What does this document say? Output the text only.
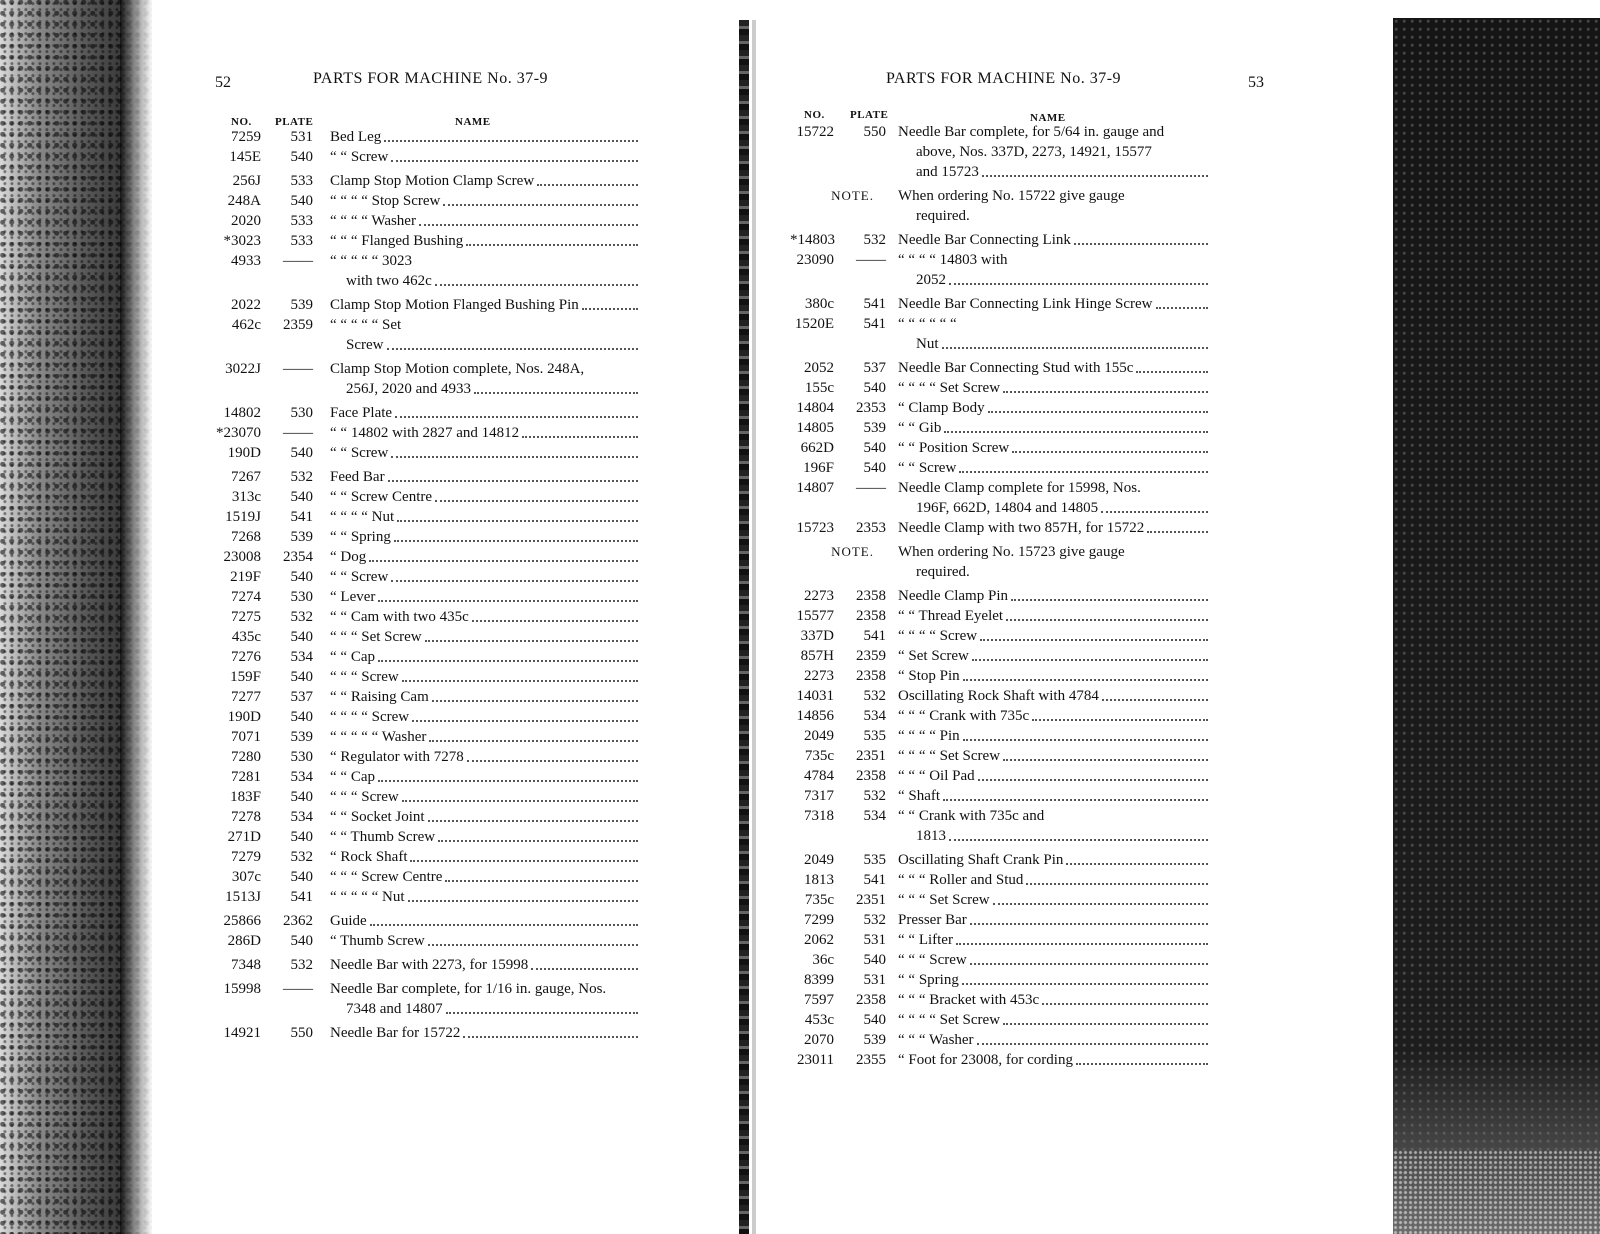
52	PARTS FOR MACHINE No. 37-9
NO. PLATE	NAME
7259	531 Bed Leg
145E	540 “ “ Screw
256J	533 Clamp Stop Motion Clamp Screw
248A	540 “ “ “ “ Stop Screw
2020	533 “ “ “ “ Washer
*3023	533 “ “ “ Flanged Bushing
4933	—— “ “ “ “ “ 3023
with two 462c
2022	539 Clamp Stop Motion Flanged Bushing Pin
462c	2359 “ “ “ “ “ Set
Screw
3022J	—— Clamp Stop Motion complete, Nos. 248A,
256J, 2020 and 4933
14802	530 Face Plate
*23070	—— “ “ 14802 with 2827 and 14812
190D	540 “ “ Screw
7267	532 Feed Bar
313c	540 “ “ Screw Centre
1519J	541 “ “ “ “ Nut
7268	539 “ “ Spring
23008	2354 “ Dog
219F	540 “ “ Screw
7274	530 “ Lever
7275	532 “ “ Cam with two 435c
435c	540 “ “ “ Set Screw
7276	534 “ “ Cap
159F	540 “ “ “ Screw
7277	537 “ “ Raising Cam
190D	540 “ “ “ “ Screw
7071	539 “ “ “ “ “ Washer
7280	530 “ Regulator with 7278
7281	534 “ “ Cap
183F	540 “ “ “ Screw
7278	534 “ “ Socket Joint
271D	540 “ “ Thumb Screw
7279	532 “ Rock Shaft
307c	540 “ “ “ Screw Centre
1513J	541 “ “ “ “ “ Nut
25866	2362 Guide
286D	540 “ Thumb Screw
7348	532 Needle Bar with 2273, for 15998
15998	—— Needle Bar complete, for 1/16 in. gauge, Nos.
7348 and 14807
14921	550 Needle Bar for 15722
PARTS FOR MACHINE No. 37-9	53
NO. PLATE	NAME
15722	550 Needle Bar complete, for 5/64 in. gauge and
above, Nos. 337D, 2273, 14921, 15577
and 15723
NOTE. When ordering No. 15722 give gauge
required.
*14803	532 Needle Bar Connecting Link
23090	—— “ “ “ “ 14803 with
2052
380c	541 Needle Bar Connecting Link Hinge Screw
1520E	541 “ “ “ “ “ “
Nut
2052	537 Needle Bar Connecting Stud with 155c
155c	540 “ “ “ “ Set Screw
14804	2353 “ Clamp Body
14805	539 “ “ Gib
662D	540 “ “ Position Screw
196F	540 “ “ Screw
14807	—— Needle Clamp complete for 15998, Nos.
196F, 662D, 14804 and 14805
15723	2353 Needle Clamp with two 857H, for 15722
NOTE. When ordering No. 15723 give gauge
required.
2273	2358 Needle Clamp Pin
15577	2358 “ “ Thread Eyelet
337D	541 “ “ “ “ Screw
857H	2359 “ Set Screw
2273	2358 “ Stop Pin
14031	532 Oscillating Rock Shaft with 4784
14856	534 “ “ “ Crank with 735c
2049	535 “ “ “ “ Pin
735c	2351 “ “ “ “ Set Screw
4784	2358 “ “ “ Oil Pad
7317	532 “ Shaft
7318	534 “ “ Crank with 735c and
1813
2049	535 Oscillating Shaft Crank Pin
1813	541 “ “ “ Roller and Stud
735c	2351 “ “ “ Set Screw
7299	532 Presser Bar
2062	531 “ “ Lifter
36c	540 “ “ “ Screw
8399	531 “ “ Spring
7597	2358 “ “ “ Bracket with 453c
453c	540 “ “ “ “ Set Screw
2070	539 “ “ “ Washer
23011	2355 “ Foot for 23008, for cording
